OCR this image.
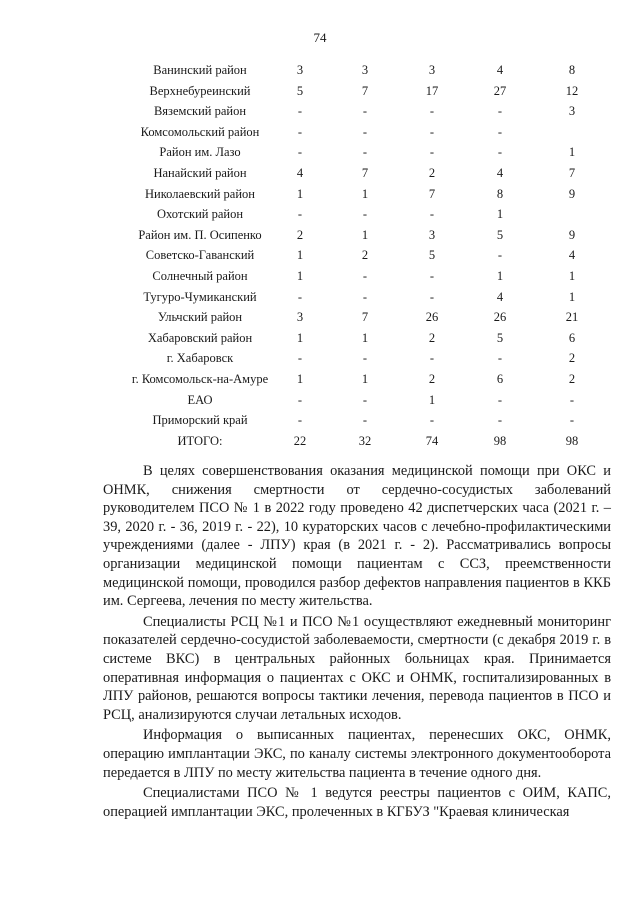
74
Ванинский район	3	3	3	4	8
Верхнебуреинский	5	7	17	27	12
Вяземский район	-	-	-	-	3
Комсомольский район	-	-	-	-
Район им. Лазо	-	-	-	-	1
Нанайский район	4	7	2	4	7
Николаевский район	1	1	7	8	9
Охотский район	-	-	-	1
Район им. П. Осипенко	2	1	3	5	9
Советско-Гаванский	1	2	5	-	4
Солнечный район	1	-	-	1	1
Тугуро-Чумиканский	-	-	-	4	1
Ульчский район	3	7	26	26	21
Хабаровский район	1	1	2	5	6
г. Хабаровск	-	-	-	-	2
г. Комсомольск-на-Амуре	1	1	2	6	2
ЕАО	-	-	1	-	-
Приморский край	-	-	-	-	-
ИТОГО:	22	32	74	98	98

В целях совершенствования оказания медицинской помощи при ОКС и ОНМК, снижения смертности от сердечно-сосудистых заболеваний руководителем ПСО № 1 в 2022 году проведено 42 диспетчерских часа (2021 г. – 39, 2020 г. - 36, 2019 г. - 22), 10 кураторских часов с лечебно-профилактическими учреждениями (далее - ЛПУ) края (в 2021 г. - 2). Рассматривались вопросы организации медицинской помощи пациентам с ССЗ, преемственности медицинской помощи, проводился разбор дефектов направления пациентов в ККБ им. Сергеева, лечения по месту жительства.

Специалисты РСЦ №1 и ПСО №1 осуществляют ежедневный мониторинг показателей сердечно-сосудистой заболеваемости, смертности (с декабря 2019 г. в системе ВКС) в центральных районных больницах края. Принимается оперативная информация о пациентах с ОКС и ОНМК, госпитализированных в ЛПУ районов, решаются вопросы тактики лечения, перевода пациентов в ПСО и РСЦ, анализируются случаи летальных исходов.

Информация о выписанных пациентах, перенесших ОКС, ОНМК, операцию имплантации ЭКС, по каналу системы электронного документооборота передается в ЛПУ по месту жительства пациента в течение одного дня.

Специалистами ПСО № 1 ведутся реестры пациентов с ОИМ, КАПС, операцией имплантации ЭКС, пролеченных в КГБУЗ "Краевая клиническая
